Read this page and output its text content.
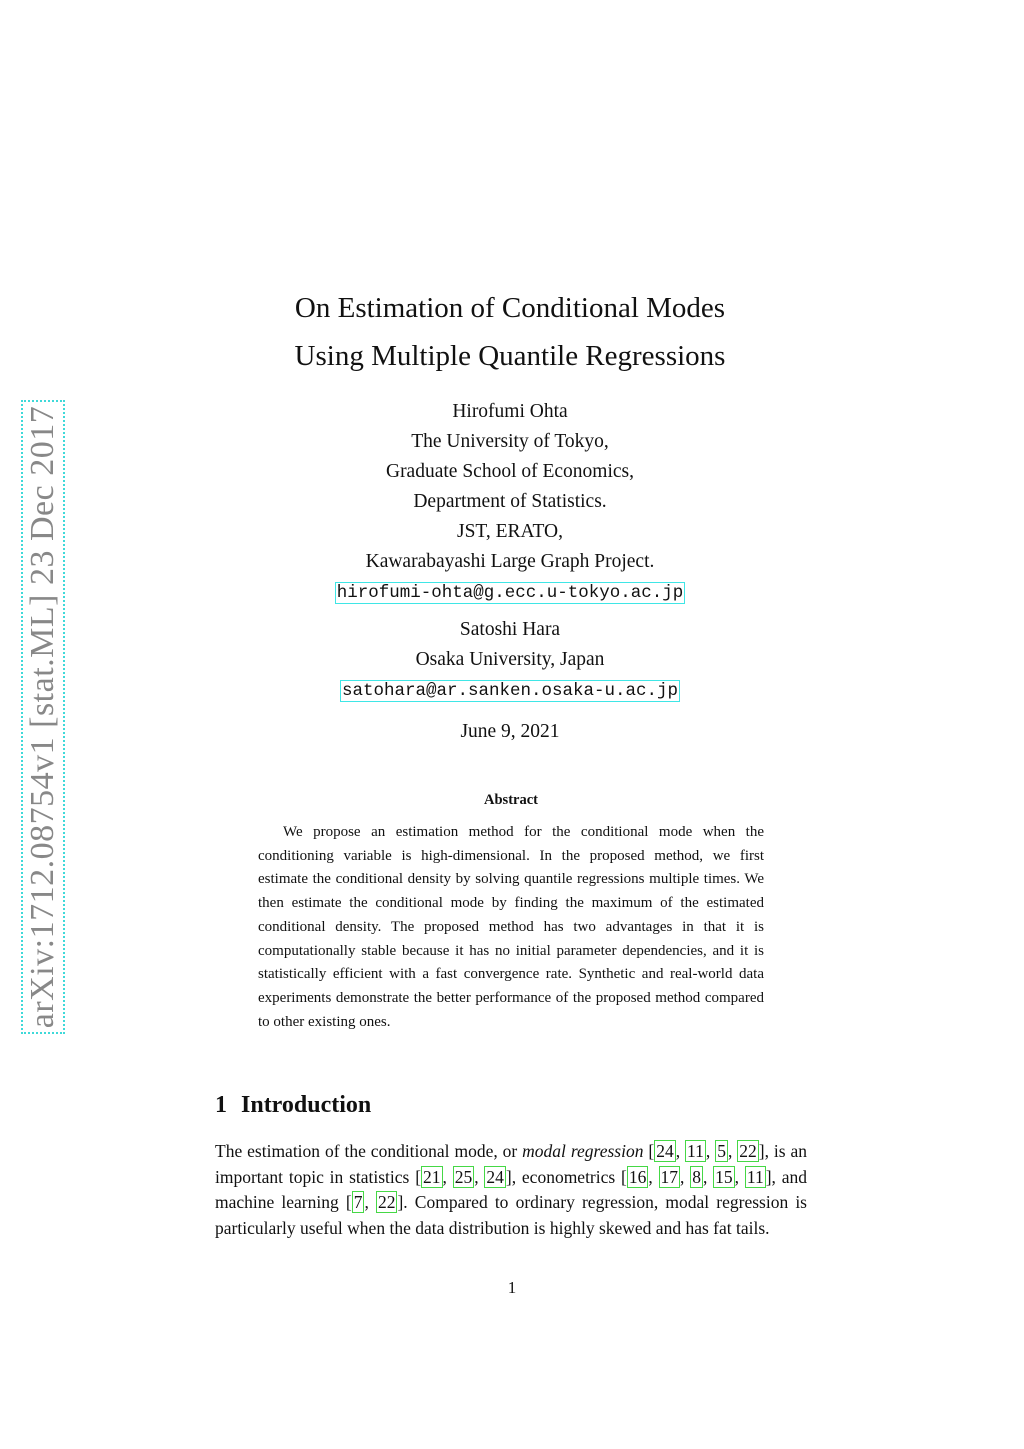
arXiv:1712.08754v1 [stat.ML] 23 Dec 2017
On Estimation of Conditional Modes
Using Multiple Quantile Regressions
Hirofumi Ohta
The University of Tokyo,
Graduate School of Economics,
Department of Statistics.
JST, ERATO,
Kawarabayashi Large Graph Project.
hirofumi-ohta@g.ecc.u-tokyo.ac.jp
Satoshi Hara
Osaka University, Japan
satohara@ar.sanken.osaka-u.ac.jp
June 9, 2021
Abstract
We propose an estimation method for the conditional mode when the conditioning variable is high-dimensional. In the proposed method, we first estimate the conditional density by solving quantile regressions multiple times. We then estimate the conditional mode by finding the maximum of the estimated conditional density. The proposed method has two advantages in that it is computationally stable because it has no initial parameter dependencies, and it is statistically efficient with a fast convergence rate. Synthetic and real-world data experiments demonstrate the better performance of the proposed method compared to other existing ones.
1 Introduction
The estimation of the conditional mode, or modal regression [ 24 , 11 , 5 , 22 ], is an important topic in statistics [ 21 , 25 , 24 ], econometrics [ 16 , 17 , 8 , 15 , 11 ], and machine learning [ 7 , 22 ]. Compared to ordinary regression, modal regression is particularly useful when the data distribution is highly skewed and has fat tails.
1
